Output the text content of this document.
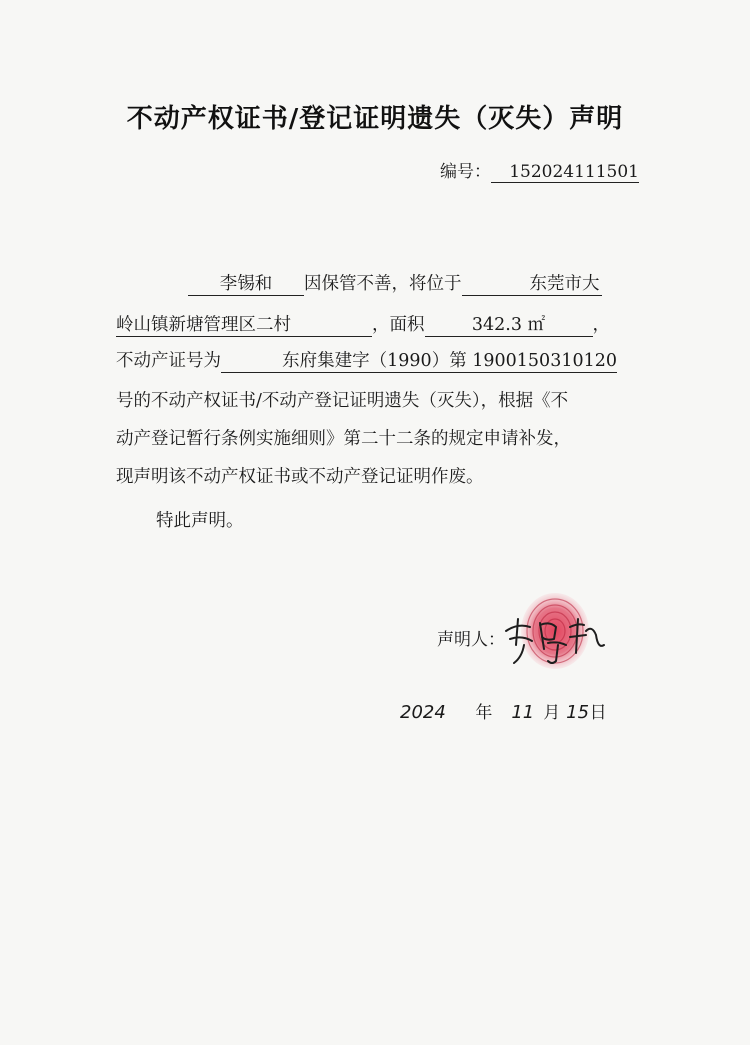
不动产权证书/登记证明遗失（灭失）声明
编号： 152024111501
李锡和 因保管不善，将位于	东莞市大
岭山镇新塘管理区二村	，面积	342.3 ㎡	，
不动产证号为	东府集建字（1990）第 1900150310120
号的不动产权证书/不动产登记证明遗失（灭失），根据《不
动产登记暂行条例实施细则》第二十二条的规定申请补发，
现声明该不动产权证书或不动产登记证明作废。
特此声明。
声明人：
2024 年 11 月 15日
